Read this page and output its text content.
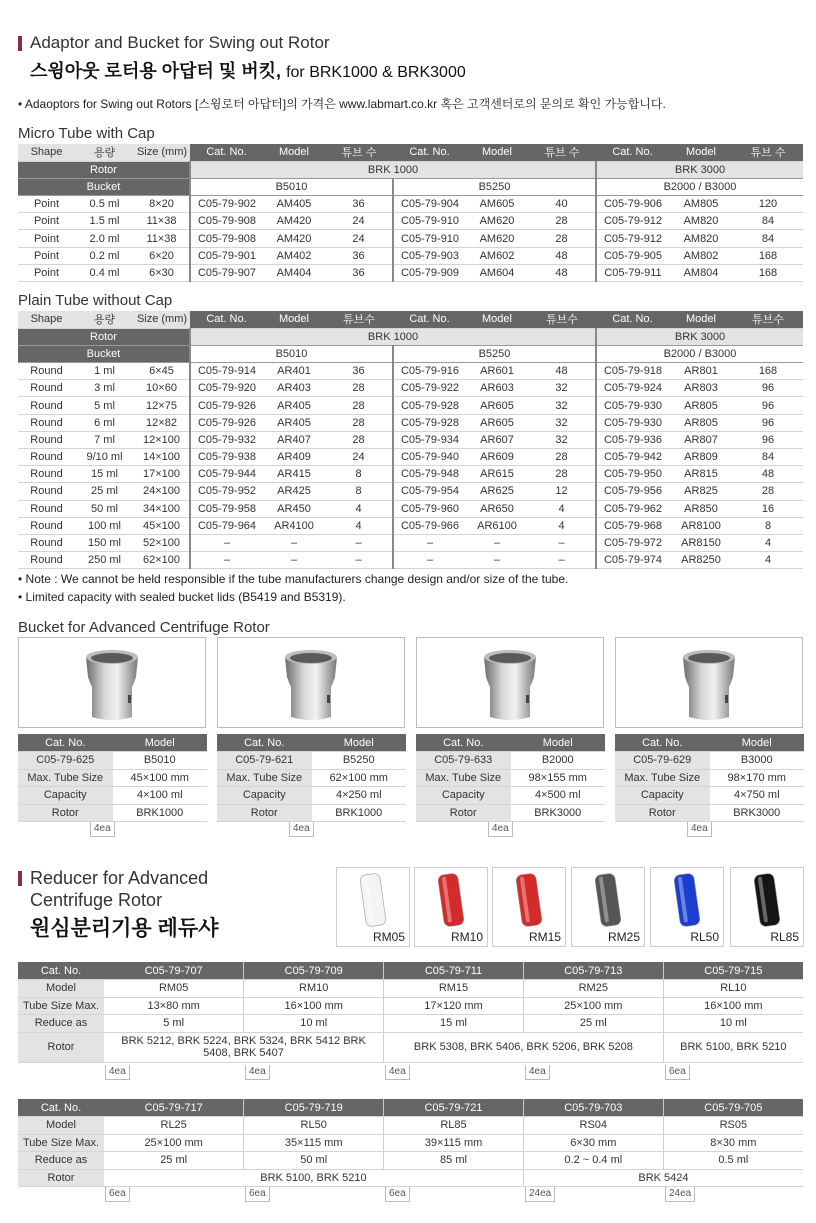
Adaptor and Bucket for Swing out Rotor
스윙아웃 로터용 아답터 및 버킷, for BRK1000 & BRK3000
• Adaoptors for Swing out Rotors [스윙로터 아답터]의 가격은 www.labmart.co.kr 혹은 고객센터로의 문의로 확인 가능합니다.
Micro Tube with Cap
Shape	용량	Size (mm)	Cat. No.	Model	튜브 수	Cat. No.	Model	튜브 수	Cat. No.	Model	튜브 수
Rotor			BRK 1000						BRK 3000		
Bucket			B5010			B5250			B2000 / B3000		
Point	0.5 ml	8×20	C05-79-902	AM405	36	C05-79-904	AM605	40	C05-79-906	AM805	120
Point	1.5 ml	11×38	C05-79-908	AM420	24	C05-79-910	AM620	28	C05-79-912	AM820	84
Point	2.0 ml	11×38	C05-79-908	AM420	24	C05-79-910	AM620	28	C05-79-912	AM820	84
Point	0.2 ml	6×20	C05-79-901	AM402	36	C05-79-903	AM602	48	C05-79-905	AM802	168
Point	0.4 ml	6×30	C05-79-907	AM404	36	C05-79-909	AM604	48	C05-79-911	AM804	168
Plain Tube without Cap
Shape	용량	Size (mm)	Cat. No.	Model	튜브수	Cat. No.	Model	튜브수	Cat. No.	Model	튜브수
Rotor			BRK 1000						BRK 3000		
Bucket			B5010			B5250			B2000 / B3000		
Round	1 ml	6×45	C05-79-914	AR401	36	C05-79-916	AR601	48	C05-79-918	AR801	168
Round	3 ml	10×60	C05-79-920	AR403	28	C05-79-922	AR603	32	C05-79-924	AR803	96
Round	5 ml	12×75	C05-79-926	AR405	28	C05-79-928	AR605	32	C05-79-930	AR805	96
Round	6 ml	12×82	C05-79-926	AR405	28	C05-79-928	AR605	32	C05-79-930	AR805	96
Round	7 ml	12×100	C05-79-932	AR407	28	C05-79-934	AR607	32	C05-79-936	AR807	96
Round	9/10 ml	14×100	C05-79-938	AR409	24	C05-79-940	AR609	28	C05-79-942	AR809	84
Round	15 ml	17×100	C05-79-944	AR415	8	C05-79-948	AR615	28	C05-79-950	AR815	48
Round	25 ml	24×100	C05-79-952	AR425	8	C05-79-954	AR625	12	C05-79-956	AR825	28
Round	50 ml	34×100	C05-79-958	AR450	4	C05-79-960	AR650	4	C05-79-962	AR850	16
Round	100 ml	45×100	C05-79-964	AR4100	4	C05-79-966	AR6100	4	C05-79-968	AR8100	8
Round	150 ml	52×100	–	–	–	–	–	–	C05-79-972	AR8150	4
Round	250 ml	62×100	–	–	–	–	–	–	C05-79-974	AR8250	4
• Note : We cannot be held responsible if the tube manufacturers change design and/or size of the tube.
• Limited capacity with sealed bucket lids (B5419 and B5319).
Bucket for Advanced Centrifuge Rotor
Cat. No.	Model
C05-79-625	B5010
Max. Tube Size	45×100 mm
Capacity	4×100 ml
Rotor	BRK1000
4ea
Cat. No.	Model
C05-79-621	B5250
Max. Tube Size	62×100 mm
Capacity	4×250 ml
Rotor	BRK1000
4ea
Cat. No.	Model
C05-79-633	B2000
Max. Tube Size	98×155 mm
Capacity	4×500 ml
Rotor	BRK3000
4ea
Cat. No.	Model
C05-79-629	B3000
Max. Tube Size	98×170 mm
Capacity	4×750 ml
Rotor	BRK3000
4ea
Reducer for Advanced
Centrifuge Rotor
원심분리기용 레듀샤	RM05	RM10	RM15	RM25	RL50	RL85
Cat. No.	C05-79-707	C05-79-709	C05-79-711	C05-79-713	C05-79-715
Model	RM05	RM10	RM15	RM25	RL10
Tube Size Max.	13×80 mm	16×100 mm	17×120 mm	25×100 mm	16×100 mm
Reduce as	5 ml	10 ml	15 ml	25 ml	10 ml
Rotor	BRK 5212, BRK 5224, BRK 5324, BRK 5412 BRK 5408, BRK 5407		BRK 5308, BRK 5406, BRK 5206, BRK 5208		BRK 5100, BRK 5210
Cat. No.	C05-79-717	C05-79-719	C05-79-721	C05-79-703	C05-79-705
Model	RL25	RL50	RL85	RS04	RS05
Tube Size Max.	25×100 mm	35×115 mm	39×115 mm	6×30 mm	8×30 mm
Reduce as	25 ml	50 ml	85 ml	0.2 ~ 0.4 ml	0.5 ml
Rotor	BRK 5100, BRK 5210			BRK 5424	
4ea	4ea	4ea	4ea	6ea
6ea	6ea	6ea	24ea	24ea
